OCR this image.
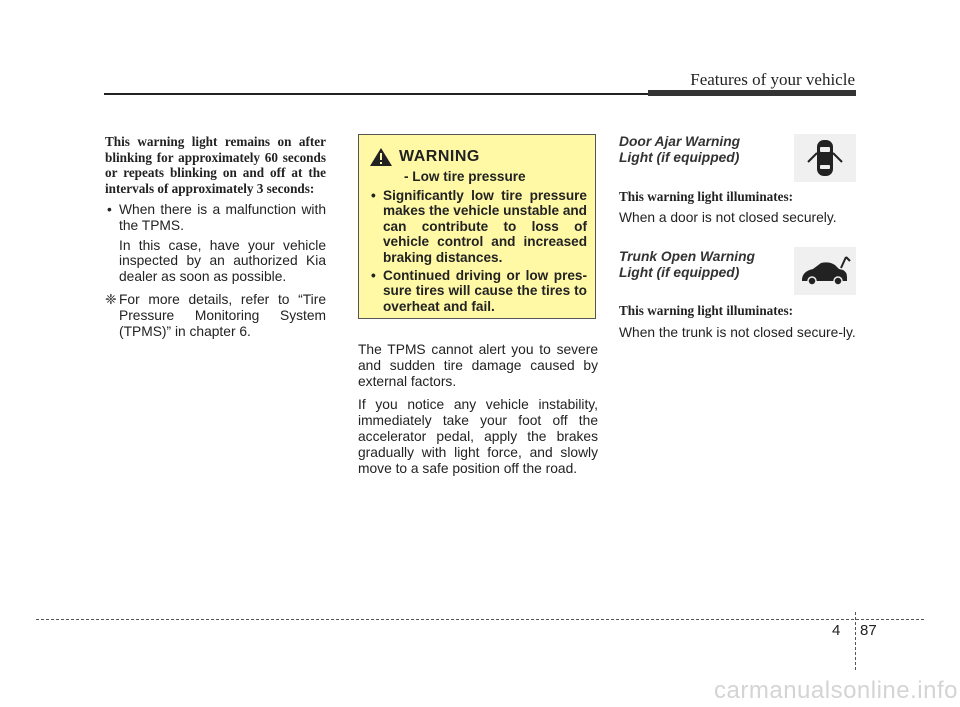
Features of your vehicle

This warning light remains on after blinking for approximately 60 seconds or repeats blinking on and off at the intervals of approximately 3 seconds:

• When there is a malfunction with the TPMS.

In this case, have your vehicle inspected by an authorized Kia dealer as soon as possible.

❈ For more details, refer to “Tire Pressure Monitoring System (TPMS)” in chapter 6.

WARNING
- Low tire pressure
• Significantly low tire pressure makes the vehicle unstable and can contribute to loss of vehicle control and increased braking distances.
• Continued driving or low pres-sure tires will cause the tires to overheat and fail.

The TPMS cannot alert you to severe and sudden tire damage caused by external factors.

If you notice any vehicle instability, immediately take your foot off the accelerator pedal, apply the brakes gradually with light force, and slowly move to a safe position off the road.

Door Ajar Warning
Light (if equipped)

This warning light illuminates:

When a door is not closed securely.

Trunk Open Warning
Light (if equipped)

This warning light illuminates:

When the trunk is not closed secure-ly.

4 87
carmanualsonline.info
